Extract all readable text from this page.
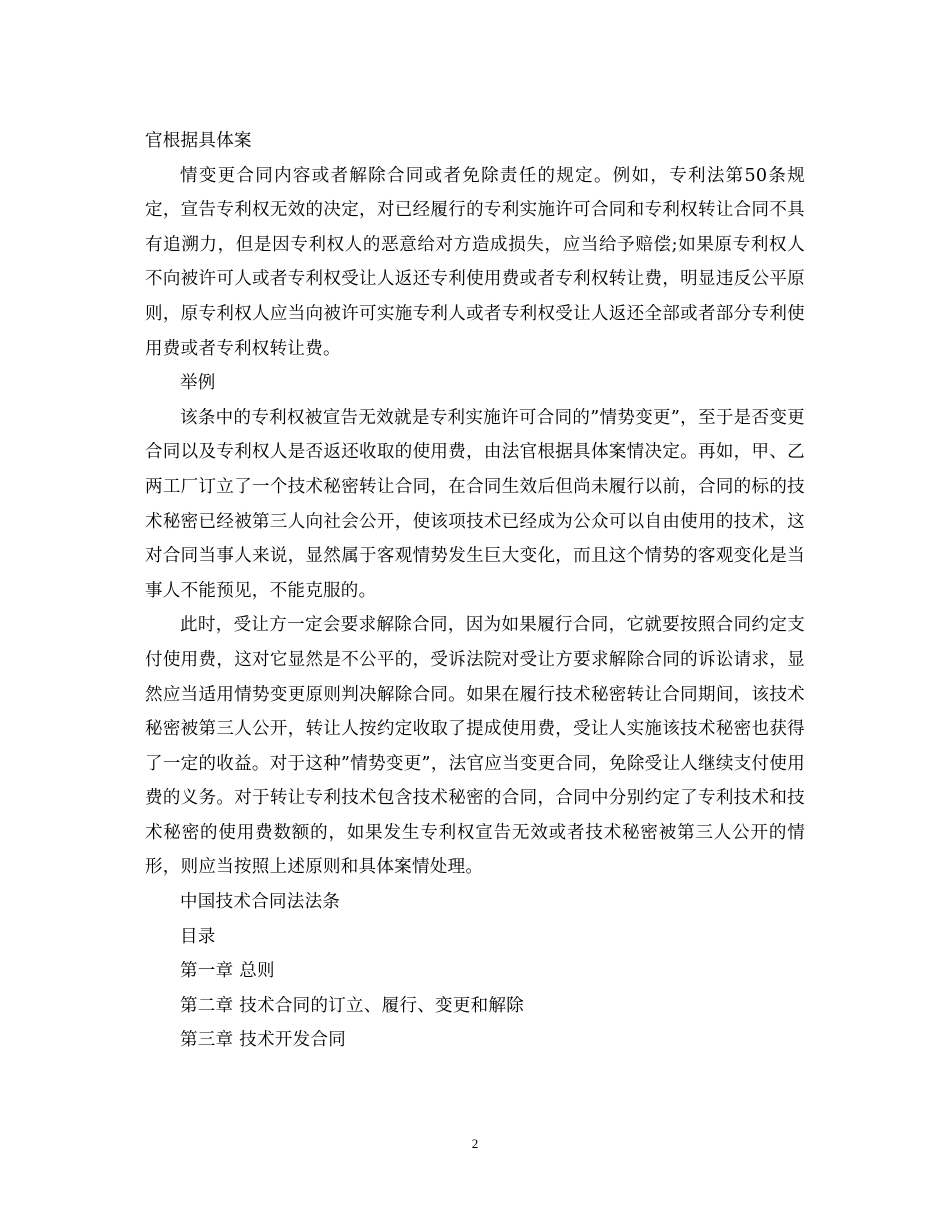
官根据具体案

情变更合同内容或者解除合同或者免除责任的规定。例如，专利法第50条规定，宣告专利权无效的决定，对已经履行的专利实施许可合同和专利权转让合同不具有追溯力，但是因专利权人的恶意给对方造成损失，应当给予赔偿;如果原专利权人不向被许可人或者专利权受让人返还专利使用费或者专利权转让费，明显违反公平原则，原专利权人应当向被许可实施专利人或者专利权受让人返还全部或者部分专利使用费或者专利权转让费。

举例

该条中的专利权被宣告无效就是专利实施许可合同的”情势变更”，至于是否变更合同以及专利权人是否返还收取的使用费，由法官根据具体案情决定。再如，甲、乙两工厂订立了一个技术秘密转让合同，在合同生效后但尚未履行以前，合同的标的技术秘密已经被第三人向社会公开，使该项技术已经成为公众可以自由使用的技术，这对合同当事人来说，显然属于客观情势发生巨大变化，而且这个情势的客观变化是当事人不能预见，不能克服的。

此时，受让方一定会要求解除合同，因为如果履行合同，它就要按照合同约定支付使用费，这对它显然是不公平的，受诉法院对受让方要求解除合同的诉讼请求，显然应当适用情势变更原则判决解除合同。如果在履行技术秘密转让合同期间，该技术秘密被第三人公开，转让人按约定收取了提成使用费，受让人实施该技术秘密也获得了一定的收益。对于这种”情势变更”，法官应当变更合同，免除受让人继续支付使用费的义务。对于转让专利技术包含技术秘密的合同，合同中分别约定了专利技术和技术秘密的使用费数额的，如果发生专利权宣告无效或者技术秘密被第三人公开的情形，则应当按照上述原则和具体案情处理。

中国技术合同法法条

目录

第一章 总则

第二章 技术合同的订立、履行、变更和解除

第三章 技术开发合同

2
